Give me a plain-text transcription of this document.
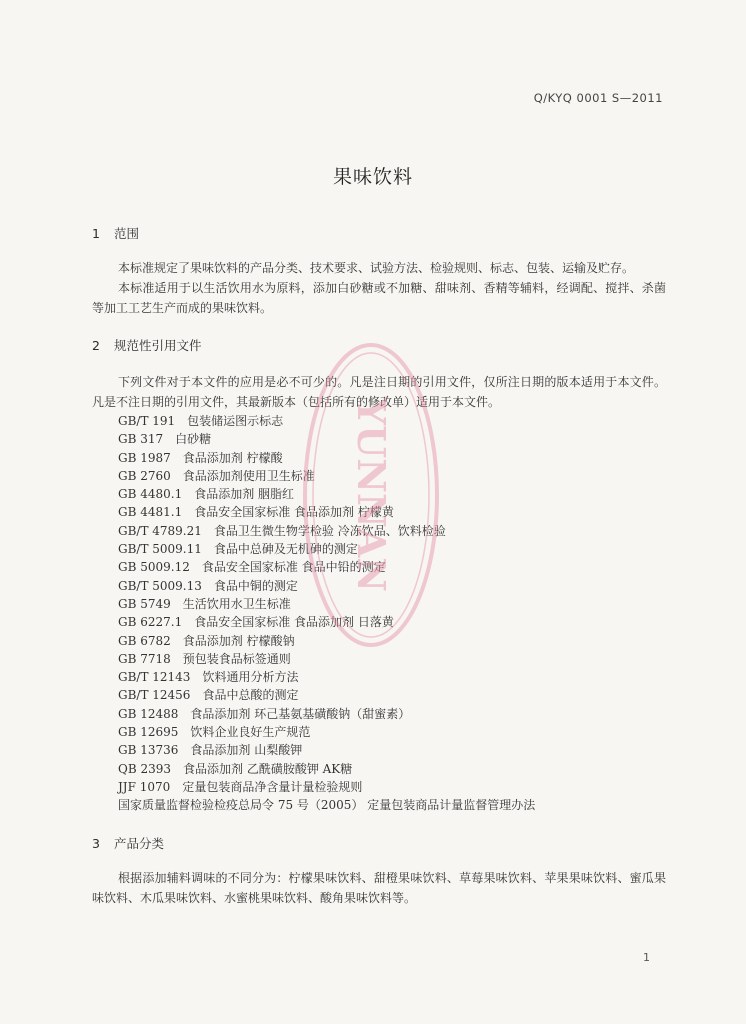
Q/KYQ 0001 S—2011
果味饮料
1 范围
本标准规定了果味饮料的产品分类、技术要求、试验方法、检验规则、标志、包装、运输及贮存。
本标准适用于以生活饮用水为原料，添加白砂糖或不加糖、甜味剂、香精等辅料，经调配、搅拌、杀菌等加工工艺生产而成的果味饮料。
2 规范性引用文件
下列文件对于本文件的应用是必不可少的。凡是注日期的引用文件，仅所注日期的版本适用于本文件。凡是不注日期的引用文件，其最新版本（包括所有的修改单）适用于本文件。
GB/T 191 包装储运图示标志
GB 317 白砂糖
GB 1987 食品添加剂 柠檬酸
GB 2760 食品添加剂使用卫生标准
GB 4480.1 食品添加剂 胭脂红
GB 4481.1 食品安全国家标准 食品添加剂 柠檬黄
GB/T 4789.21 食品卫生微生物学检验 冷冻饮品、饮料检验
GB/T 5009.11 食品中总砷及无机砷的测定
GB 5009.12 食品安全国家标准 食品中铅的测定
GB/T 5009.13 食品中铜的测定
GB 5749 生活饮用水卫生标准
GB 6227.1 食品安全国家标准 食品添加剂 日落黄
GB 6782 食品添加剂 柠檬酸钠
GB 7718 预包装食品标签通则
GB/T 12143 饮料通用分析方法
GB/T 12456 食品中总酸的测定
GB 12488 食品添加剂 环己基氨基磺酸钠（甜蜜素）
GB 12695 饮料企业良好生产规范
GB 13736 食品添加剂 山梨酸钾
QB 2393 食品添加剂 乙酰磺胺酸钾 AK糖
JJF 1070 定量包装商品净含量计量检验规则
国家质量监督检验检疫总局令 75 号（2005） 定量包装商品计量监督管理办法
3 产品分类
根据添加辅料调味的不同分为：柠檬果味饮料、甜橙果味饮料、草莓果味饮料、苹果果味饮料、蜜瓜果味饮料、木瓜果味饮料、水蜜桃果味饮料、酸角果味饮料等。
YUNNAN
1
